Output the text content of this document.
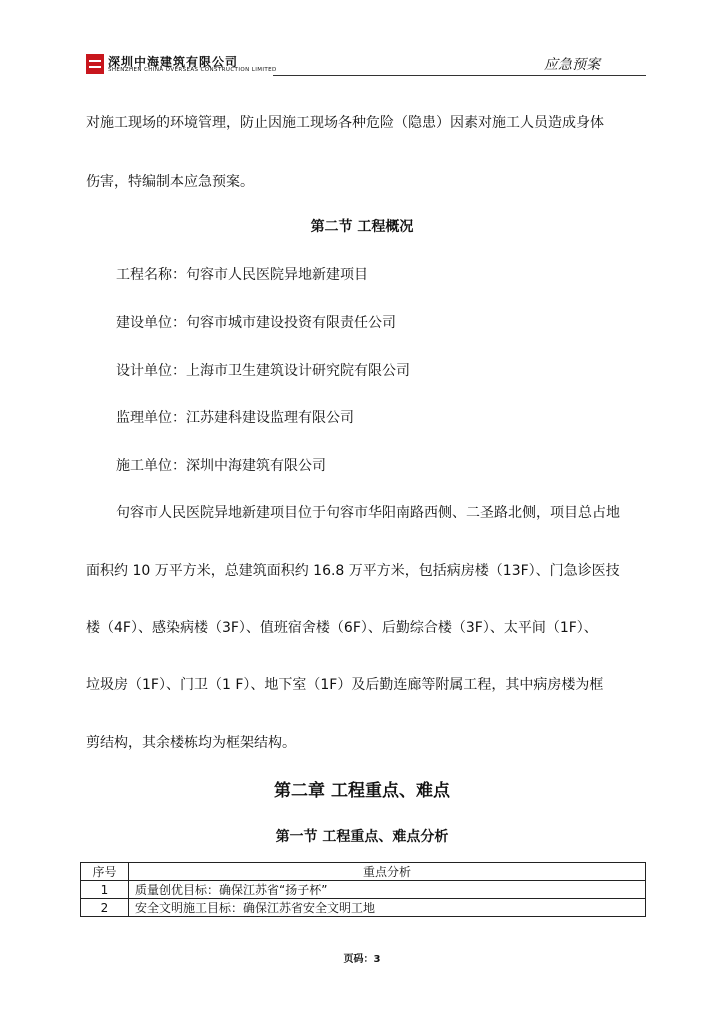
深圳中海建筑有限公司
SHENZHEN CHINA OVERSEAS CONSTRUCTION LIMITED	应急预案
对施工现场的环境管理，防止因施工现场各种危险（隐患）因素对施工人员造成身体
伤害，特编制本应急预案。
第二节 工程概况
工程名称：句容市人民医院异地新建项目
建设单位：句容市城市建设投资有限责任公司
设计单位：上海市卫生建筑设计研究院有限公司
监理单位：江苏建科建设监理有限公司
施工单位：深圳中海建筑有限公司
句容市人民医院异地新建项目位于句容市华阳南路西侧、二圣路北侧，项目总占地
面积约 10 万平方米，总建筑面积约 16.8 万平方米，包括病房楼（13F）、门急诊医技
楼（4F）、感染病楼（3F）、值班宿舍楼（6F）、后勤综合楼（3F）、太平间（1F）、
垃圾房（1F）、门卫（1 F）、地下室（1F）及后勤连廊等附属工程，其中病房楼为框
剪结构，其余楼栋均为框架结构。
第二章 工程重点、难点
第一节 工程重点、难点分析
序号	重点分析
1	质量创优目标：确保江苏省“扬子杯”
2	安全文明施工目标：确保江苏省安全文明工地
页码：3
